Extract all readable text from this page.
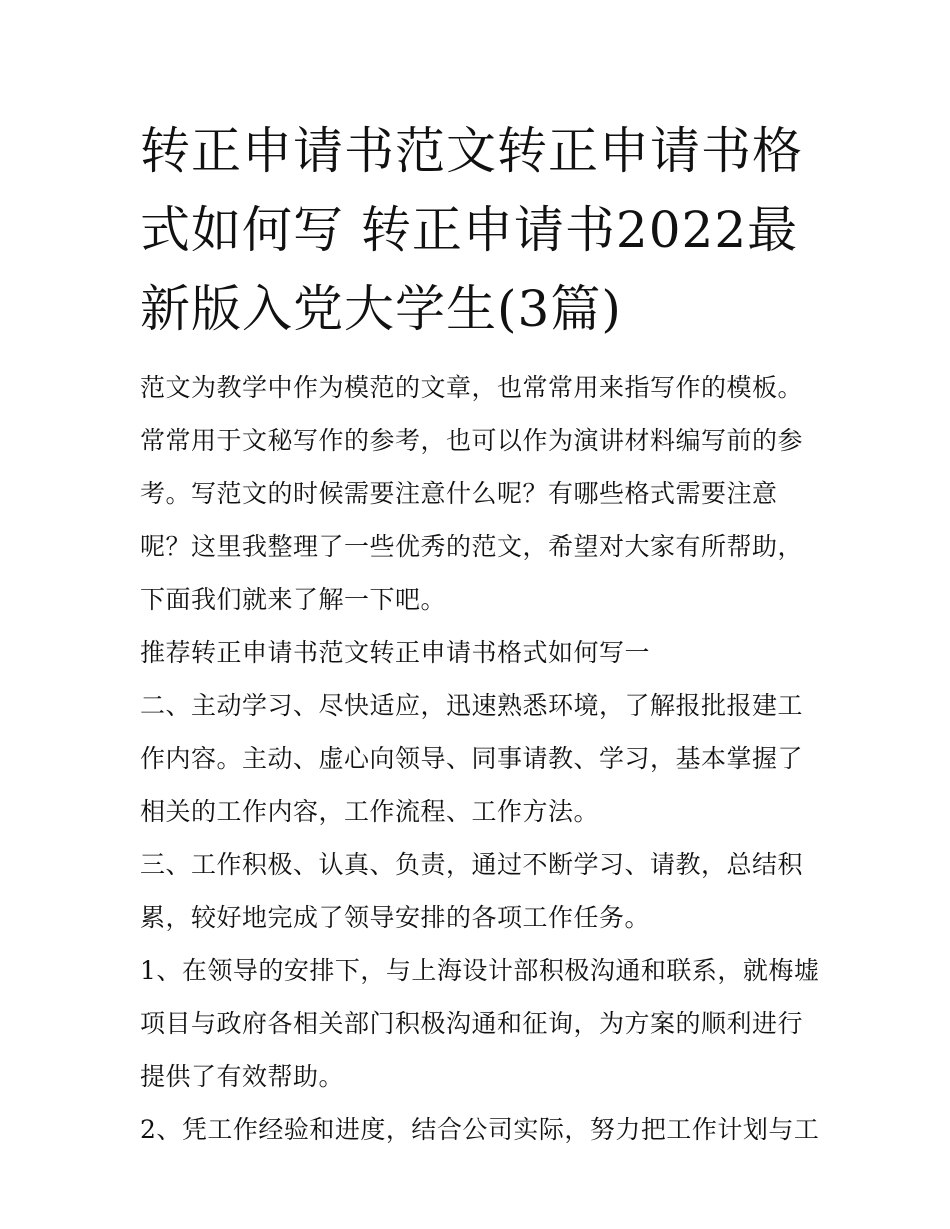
转正申请书范文转正申请书格式如何写 转正申请书2022最新版入党大学生(3篇)

范文为教学中作为模范的文章，也常常用来指写作的模板。常常用于文秘写作的参考，也可以作为演讲材料编写前的参考。写范文的时候需要注意什么呢？有哪些格式需要注意呢？这里我整理了一些优秀的范文，希望对大家有所帮助，下面我们就来了解一下吧。

推荐转正申请书范文转正申请书格式如何写一

二、主动学习、尽快适应，迅速熟悉环境，了解报批报建工作内容。主动、虚心向领导、同事请教、学习，基本掌握了相关的工作内容，工作流程、工作方法。

三、工作积极、认真、负责，通过不断学习、请教，总结积累，较好地完成了领导安排的各项工作任务。

1、在领导的安排下，与上海设计部积极沟通和联系，就梅墟项目与政府各相关部门积极沟通和征询，为方案的顺利进行提供了有效帮助。

2、凭工作经验和进度，结合公司实际，努力把工作计划与工
